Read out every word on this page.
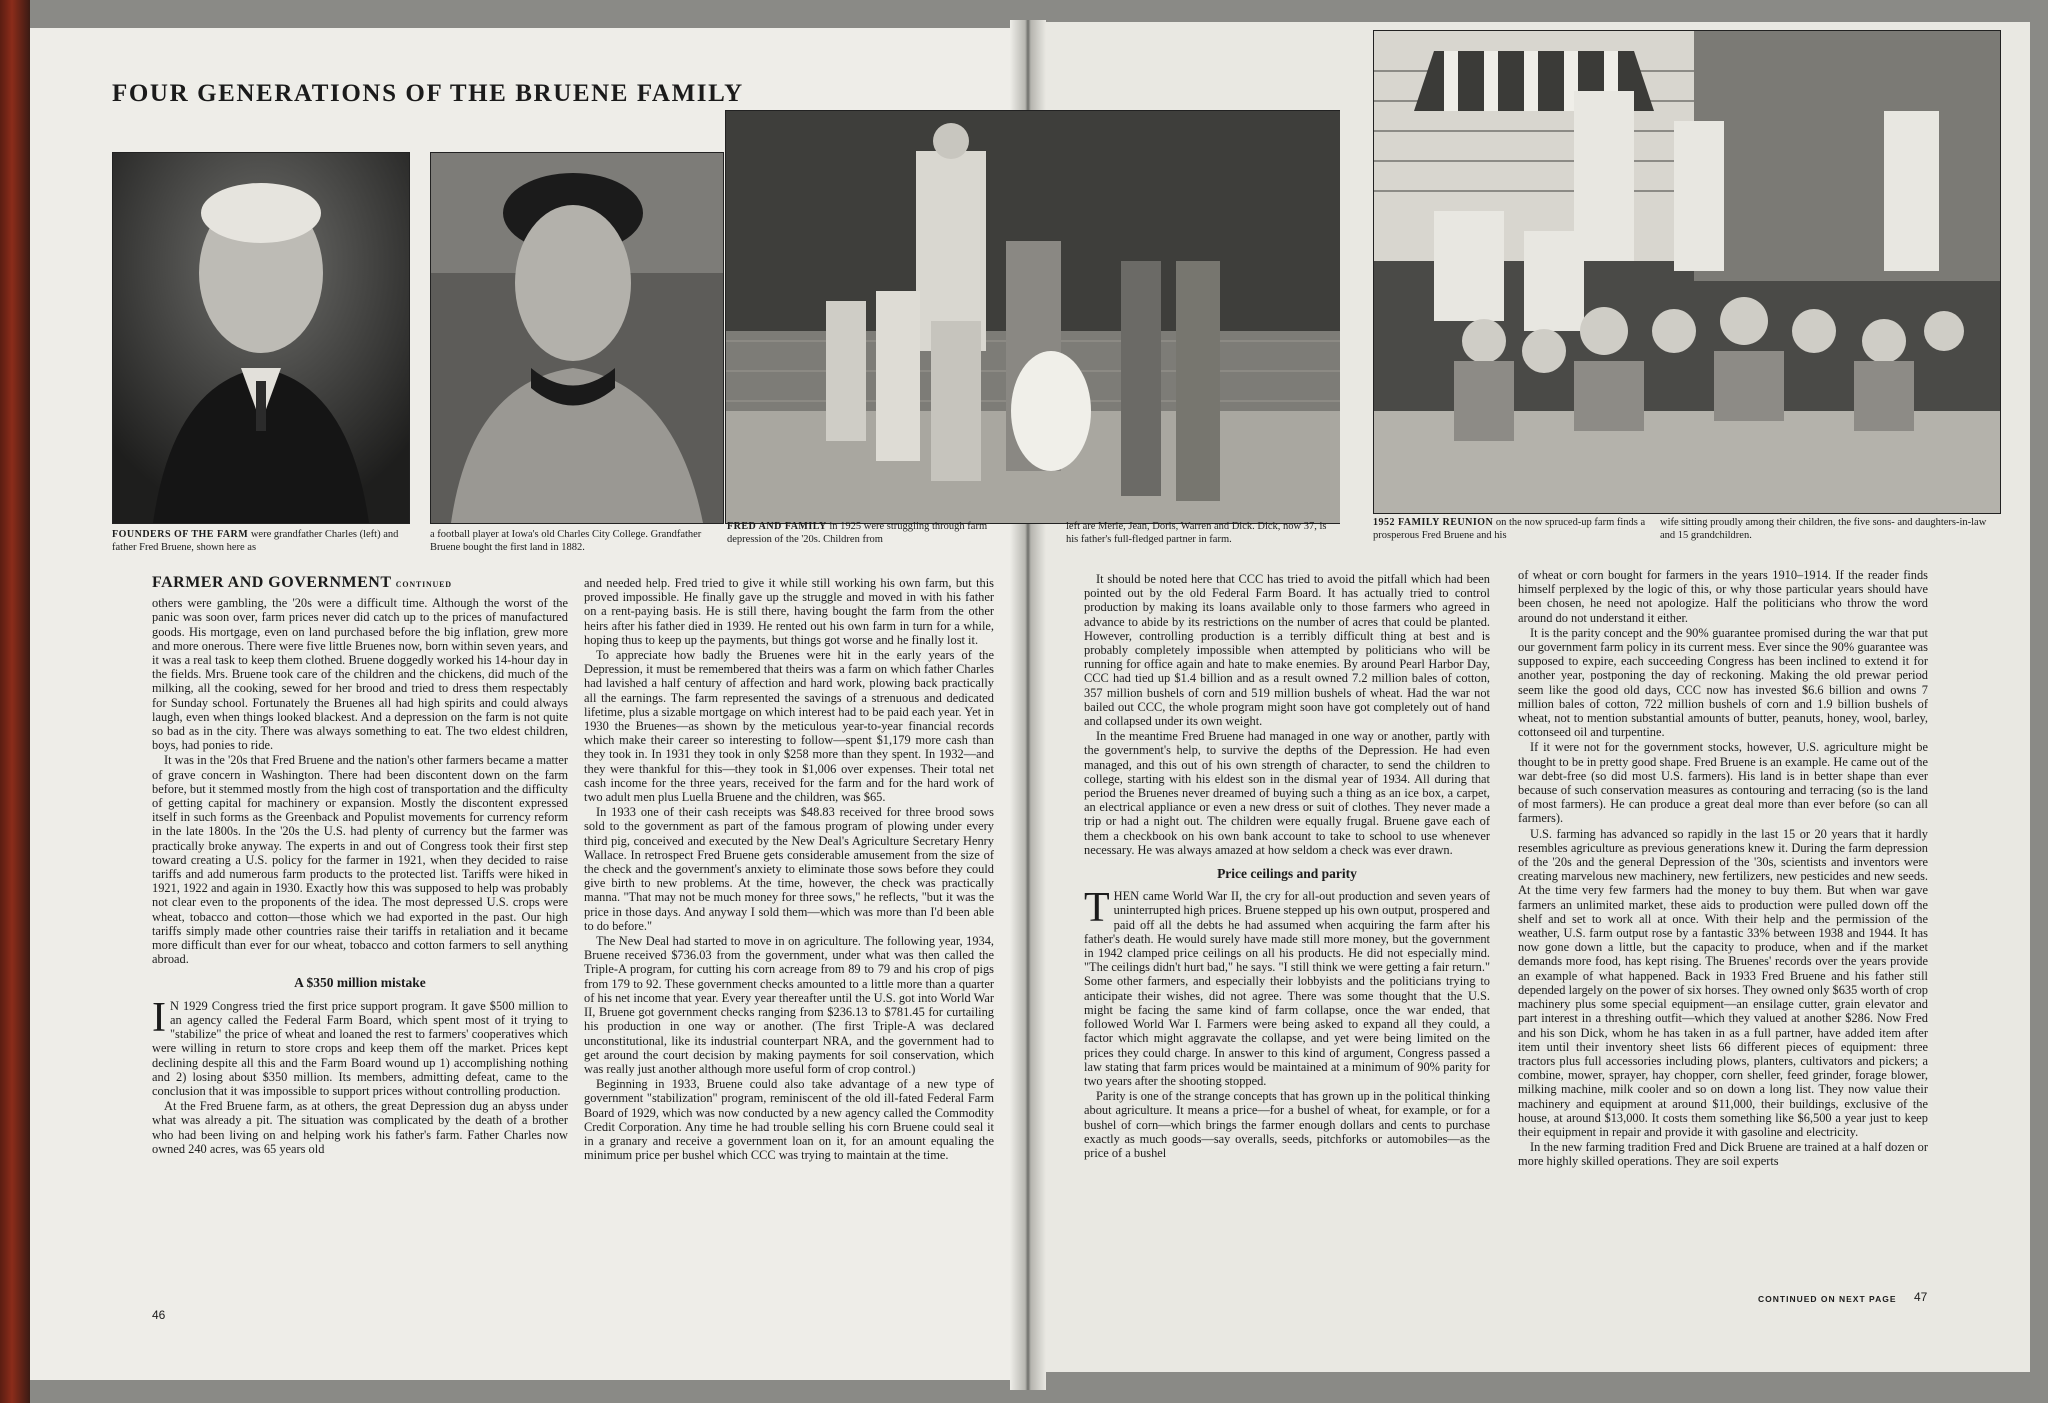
FOUR GENERATIONS OF THE BRUENE FAMILY
FOUNDERS OF THE FARM were grandfather Charles (left) and father Fred Bruene, shown here as
a football player at Iowa's old Charles City College. Grandfather Bruene bought the first land in 1882.
FRED AND FAMILY in 1925 were struggling through farm depression of the '20s. Children from
left are Merle, Jean, Doris, Warren and Dick. Dick, now 37, is his father's full-fledged partner in farm.
1952 FAMILY REUNION on the now spruced-up farm finds a prosperous Fred Bruene and his
wife sitting proudly among their children, the five sons- and daughters-in-law and 15 grandchildren.
FARMER AND GOVERNMENT CONTINUED

others were gambling, the '20s were a difficult time. Although the worst of the panic was soon over, farm prices never did catch up to the prices of manufactured goods. His mortgage, even on land purchased before the big inflation, grew more and more onerous. There were five little Bruenes now, born within seven years, and it was a real task to keep them clothed. Bruene doggedly worked his 14-hour day in the fields. Mrs. Bruene took care of the children and the chickens, did much of the milking, all the cooking, sewed for her brood and tried to dress them respectably for Sunday school. Fortunately the Bruenes all had high spirits and could always laugh, even when things looked blackest. And a depression on the farm is not quite so bad as in the city. There was always something to eat. The two eldest children, boys, had ponies to ride.

It was in the '20s that Fred Bruene and the nation's other farmers became a matter of grave concern in Washington. There had been discontent down on the farm before, but it stemmed mostly from the high cost of transportation and the difficulty of getting capital for machinery or expansion. Mostly the discontent expressed itself in such forms as the Greenback and Populist movements for currency reform in the late 1800s. In the '20s the U.S. had plenty of currency but the farmer was practically broke anyway. The experts in and out of Congress took their first step toward creating a U.S. policy for the farmer in 1921, when they decided to raise tariffs and add numerous farm products to the protected list. Tariffs were hiked in 1921, 1922 and again in 1930. Exactly how this was supposed to help was probably not clear even to the proponents of the idea. The most depressed U.S. crops were wheat, tobacco and cotton—those which we had exported in the past. Our high tariffs simply made other countries raise their tariffs in retaliation and it became more difficult than ever for our wheat, tobacco and cotton farmers to sell anything abroad.

A $350 million mistake

I N 1929 Congress tried the first price support program. It gave $500 million to an agency called the Federal Farm Board, which spent most of it trying to "stabilize" the price of wheat and loaned the rest to farmers' cooperatives which were willing in return to store crops and keep them off the market. Prices kept declining despite all this and the Farm Board wound up 1) accomplishing nothing and 2) losing about $350 million. Its members, admitting defeat, came to the conclusion that it was impossible to support prices without controlling production.

At the Fred Bruene farm, as at others, the great Depression dug an abyss under what was already a pit. The situation was complicated by the death of a brother who had been living on and helping work his father's farm. Father Charles now owned 240 acres, was 65 years old

and needed help. Fred tried to give it while still working his own farm, but this proved impossible. He finally gave up the struggle and moved in with his father on a rent-paying basis. He is still there, having bought the farm from the other heirs after his father died in 1939. He rented out his own farm in turn for a while, hoping thus to keep up the payments, but things got worse and he finally lost it.

To appreciate how badly the Bruenes were hit in the early years of the Depression, it must be remembered that theirs was a farm on which father Charles had lavished a half century of affection and hard work, plowing back practically all the earnings. The farm represented the savings of a strenuous and dedicated lifetime, plus a sizable mortgage on which interest had to be paid each year. Yet in 1930 the Bruenes—as shown by the meticulous year-to-year financial records which make their career so interesting to follow—spent $1,179 more cash than they took in. In 1931 they took in only $258 more than they spent. In 1932—and they were thankful for this—they took in $1,006 over expenses. Their total net cash income for the three years, received for the farm and for the hard work of two adult men plus Luella Bruene and the children, was $65.

In 1933 one of their cash receipts was $48.83 received for three brood sows sold to the government as part of the famous program of plowing under every third pig, conceived and executed by the New Deal's Agriculture Secretary Henry Wallace. In retrospect Fred Bruene gets considerable amusement from the size of the check and the government's anxiety to eliminate those sows before they could give birth to new problems. At the time, however, the check was practically manna. "That may not be much money for three sows," he reflects, "but it was the price in those days. And anyway I sold them—which was more than I'd been able to do before."

The New Deal had started to move in on agriculture. The following year, 1934, Bruene received $736.03 from the government, under what was then called the Triple-A program, for cutting his corn acreage from 89 to 79 and his crop of pigs from 179 to 92. These government checks amounted to a little more than a quarter of his net income that year. Every year thereafter until the U.S. got into World War II, Bruene got government checks ranging from $236.13 to $781.45 for curtailing his production in one way or another. (The first Triple-A was declared unconstitutional, like its industrial counterpart NRA, and the government had to get around the court decision by making payments for soil conservation, which was really just another although more useful form of crop control.)

Beginning in 1933, Bruene could also take advantage of a new type of government "stabilization" program, reminiscent of the old ill-fated Federal Farm Board of 1929, which was now conducted by a new agency called the Commodity Credit Corporation. Any time he had trouble selling his corn Bruene could seal it in a granary and receive a government loan on it, for an amount equaling the minimum price per bushel which CCC was trying to maintain at the time.

It should be noted here that CCC has tried to avoid the pitfall which had been pointed out by the old Federal Farm Board. It has actually tried to control production by making its loans available only to those farmers who agreed in advance to abide by its restrictions on the number of acres that could be planted. However, controlling production is a terribly difficult thing at best and is probably completely impossible when attempted by politicians who will be running for office again and hate to make enemies. By around Pearl Harbor Day, CCC had tied up $1.4 billion and as a result owned 7.2 million bales of cotton, 357 million bushels of corn and 519 million bushels of wheat. Had the war not bailed out CCC, the whole program might soon have got completely out of hand and collapsed under its own weight.

In the meantime Fred Bruene had managed in one way or another, partly with the government's help, to survive the depths of the Depression. He had even managed, and this out of his own strength of character, to send the children to college, starting with his eldest son in the dismal year of 1934. All during that period the Bruenes never dreamed of buying such a thing as an ice box, a carpet, an electrical appliance or even a new dress or suit of clothes. They never made a trip or had a night out. The children were equally frugal. Bruene gave each of them a checkbook on his own bank account to take to school to use whenever necessary. He was always amazed at how seldom a check was ever drawn.

Price ceilings and parity

THEN came World War II, the cry for all-out production and seven years of uninterrupted high prices. Bruene stepped up his own output, prospered and paid off all the debts he had assumed when acquiring the farm after his father's death. He would surely have made still more money, but the government in 1942 clamped price ceilings on all his products. He did not especially mind. "The ceilings didn't hurt bad," he says. "I still think we were getting a fair return." Some other farmers, and especially their lobbyists and the politicians trying to anticipate their wishes, did not agree. There was some thought that the U.S. might be facing the same kind of farm collapse, once the war ended, that followed World War I. Farmers were being asked to expand all they could, a factor which might aggravate the collapse, and yet were being limited on the prices they could charge. In answer to this kind of argument, Congress passed a law stating that farm prices would be maintained at a minimum of 90% parity for two years after the shooting stopped.

Parity is one of the strange concepts that has grown up in the political thinking about agriculture. It means a price—for a bushel of wheat, for example, or for a bushel of corn—which brings the farmer enough dollars and cents to purchase exactly as much goods—say overalls, seeds, pitchforks or automobiles—as the price of a bushel

of wheat or corn bought for farmers in the years 1910–1914. If the reader finds himself perplexed by the logic of this, or why those particular years should have been chosen, he need not apologize. Half the politicians who throw the word around do not understand it either.

It is the parity concept and the 90% guarantee promised during the war that put our government farm policy in its current mess. Ever since the 90% guarantee was supposed to expire, each succeeding Congress has been inclined to extend it for another year, postponing the day of reckoning. Making the old prewar period seem like the good old days, CCC now has invested $6.6 billion and owns 7 million bales of cotton, 722 million bushels of corn and 1.9 billion bushels of wheat, not to mention substantial amounts of butter, peanuts, honey, wool, barley, cottonseed oil and turpentine.

If it were not for the government stocks, however, U.S. agriculture might be thought to be in pretty good shape. Fred Bruene is an example. He came out of the war debt-free (so did most U.S. farmers). His land is in better shape than ever because of such conservation measures as contouring and terracing (so is the land of most farmers). He can produce a great deal more than ever before (so can all farmers).

U.S. farming has advanced so rapidly in the last 15 or 20 years that it hardly resembles agriculture as previous generations knew it. During the farm depression of the '20s and the general Depression of the '30s, scientists and inventors were creating marvelous new machinery, new fertilizers, new pesticides and new seeds. At the time very few farmers had the money to buy them. But when war gave farmers an unlimited market, these aids to production were pulled down off the shelf and set to work all at once. With their help and the permission of the weather, U.S. farm output rose by a fantastic 33% between 1938 and 1944. It has now gone down a little, but the capacity to produce, when and if the market demands more food, has kept rising. The Bruenes' records over the years provide an example of what happened. Back in 1933 Fred Bruene and his father still depended largely on the power of six horses. They owned only $635 worth of crop machinery plus some special equipment—an ensilage cutter, grain elevator and part interest in a threshing outfit—which they valued at another $286. Now Fred and his son Dick, whom he has taken in as a full partner, have added item after item until their inventory sheet lists 66 different pieces of equipment: three tractors plus full accessories including plows, planters, cultivators and pickers; a combine, mower, sprayer, hay chopper, corn sheller, feed grinder, forage blower, milking machine, milk cooler and so on down a long list. They now value their machinery and equipment at around $11,000, their buildings, exclusive of the house, at around $13,000. It costs them something like $6,500 a year just to keep their equipment in repair and provide it with gasoline and electricity.

In the new farming tradition Fred and Dick Bruene are trained at a half dozen or more highly skilled operations. They are soil experts

46
CONTINUED ON NEXT PAGE 47
